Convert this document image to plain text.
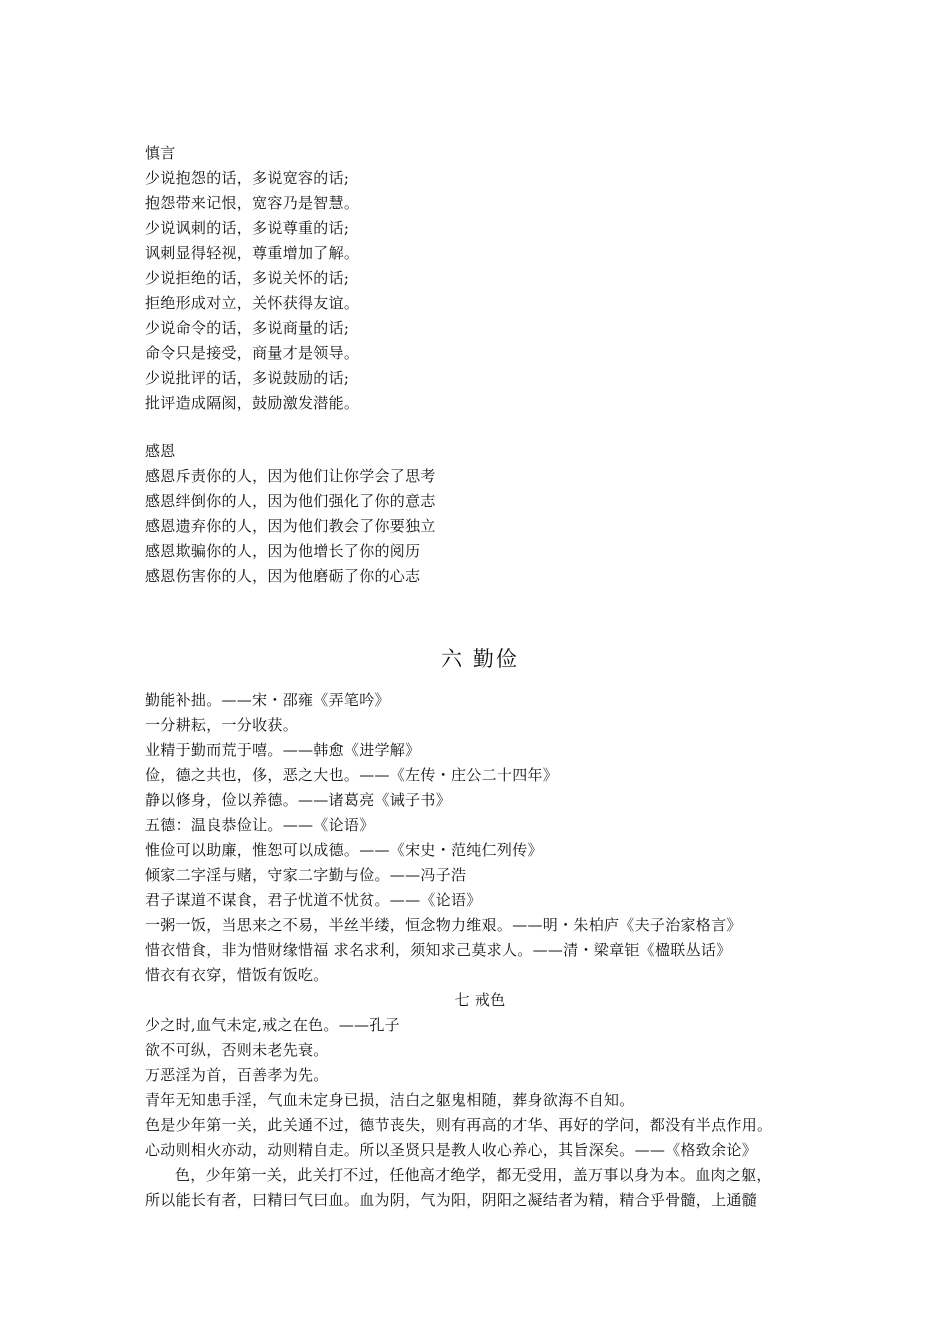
慎言
少说抱怨的话，多说宽容的话;
抱怨带来记恨，宽容乃是智慧。
少说讽刺的话，多说尊重的话;
讽刺显得轻视，尊重增加了解。
少说拒绝的话，多说关怀的话;
拒绝形成对立，关怀获得友谊。
少说命令的话，多说商量的话;
命令只是接受，商量才是领导。
少说批评的话，多说鼓励的话;
批评造成隔阂，鼓励激发潜能。
感恩
感恩斥责你的人，因为他们让你学会了思考
感恩绊倒你的人，因为他们强化了你的意志
感恩遗弃你的人，因为他们教会了你要独立
感恩欺骗你的人，因为他增长了你的阅历
感恩伤害你的人，因为他磨砺了你的心志
六 勤俭
勤能补拙。——宋・邵雍《弄笔吟》
一分耕耘，一分收获。
业精于勤而荒于嘻。——韩愈《进学解》
俭，德之共也，侈，恶之大也。——《左传・庄公二十四年》
静以修身，俭以养德。——诸葛亮《诫子书》
五德：温良恭俭让。——《论语》
惟俭可以助廉，惟恕可以成德。——《宋史・范纯仁列传》
倾家二字淫与赌，守家二字勤与俭。——冯子浩
君子谋道不谋食，君子忧道不忧贫。——《论语》
一粥一饭，当思来之不易，半丝半缕，恒念物力维艰。——明・朱柏庐《夫子治家格言》
惜衣惜食，非为惜财缘惜福 求名求利，须知求己莫求人。——清・梁章钜《楹联丛话》
惜衣有衣穿，惜饭有饭吃。
七 戒色
少之时,血气未定,戒之在色。——孔子
欲不可纵，否则未老先衰。
万恶淫为首，百善孝为先。
青年无知患手淫，气血未定身已损，洁白之躯鬼相随，葬身欲海不自知。
色是少年第一关，此关通不过，德节丧失，则有再高的才华、再好的学问，都没有半点作用。
心动则相火亦动，动则精自走。所以圣贤只是教人收心养心，其旨深矣。——《格致余论》
色，少年第一关，此关打不过，任他高才绝学，都无受用，盖万事以身为本。血肉之躯，
所以能长有者，曰精曰气曰血。血为阴，气为阳，阴阳之凝结者为精，精合乎骨髓，上通髓
